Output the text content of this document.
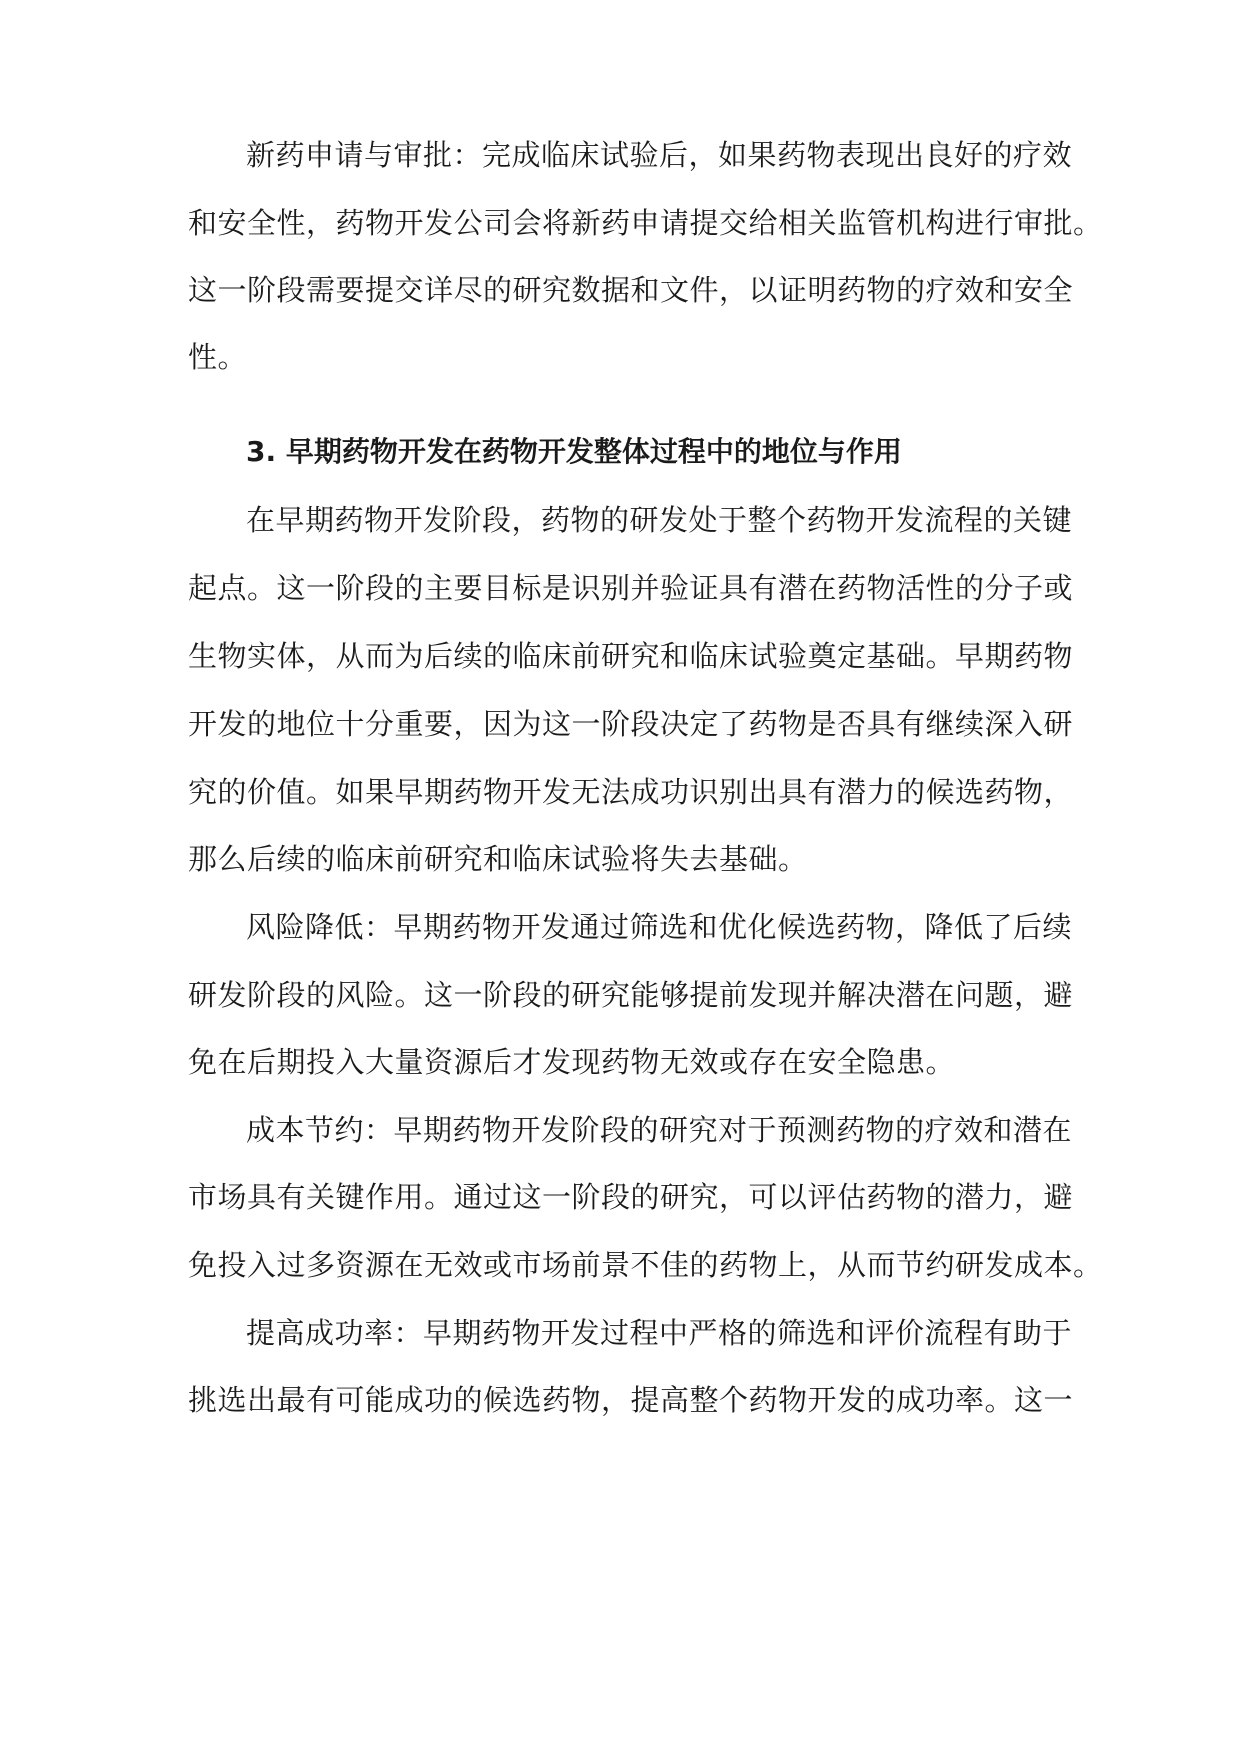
新药申请与审批：完成临床试验后，如果药物表现出良好的疗效
和安全性，药物开发公司会将新药申请提交给相关监管机构进行审批。
这一阶段需要提交详尽的研究数据和文件，以证明药物的疗效和安全
性。
3. 早期药物开发在药物开发整体过程中的地位与作用
在早期药物开发阶段，药物的研发处于整个药物开发流程的关键
起点。这一阶段的主要目标是识别并验证具有潜在药物活性的分子或
生物实体，从而为后续的临床前研究和临床试验奠定基础。早期药物
开发的地位十分重要，因为这一阶段决定了药物是否具有继续深入研
究的价值。如果早期药物开发无法成功识别出具有潜力的候选药物，
那么后续的临床前研究和临床试验将失去基础。
风险降低：早期药物开发通过筛选和优化候选药物，降低了后续
研发阶段的风险。这一阶段的研究能够提前发现并解决潜在问题，避
免在后期投入大量资源后才发现药物无效或存在安全隐患。
成本节约：早期药物开发阶段的研究对于预测药物的疗效和潜在
市场具有关键作用。通过这一阶段的研究，可以评估药物的潜力，避
免投入过多资源在无效或市场前景不佳的药物上，从而节约研发成本。
提高成功率：早期药物开发过程中严格的筛选和评价流程有助于
挑选出最有可能成功的候选药物，提高整个药物开发的成功率。这一
